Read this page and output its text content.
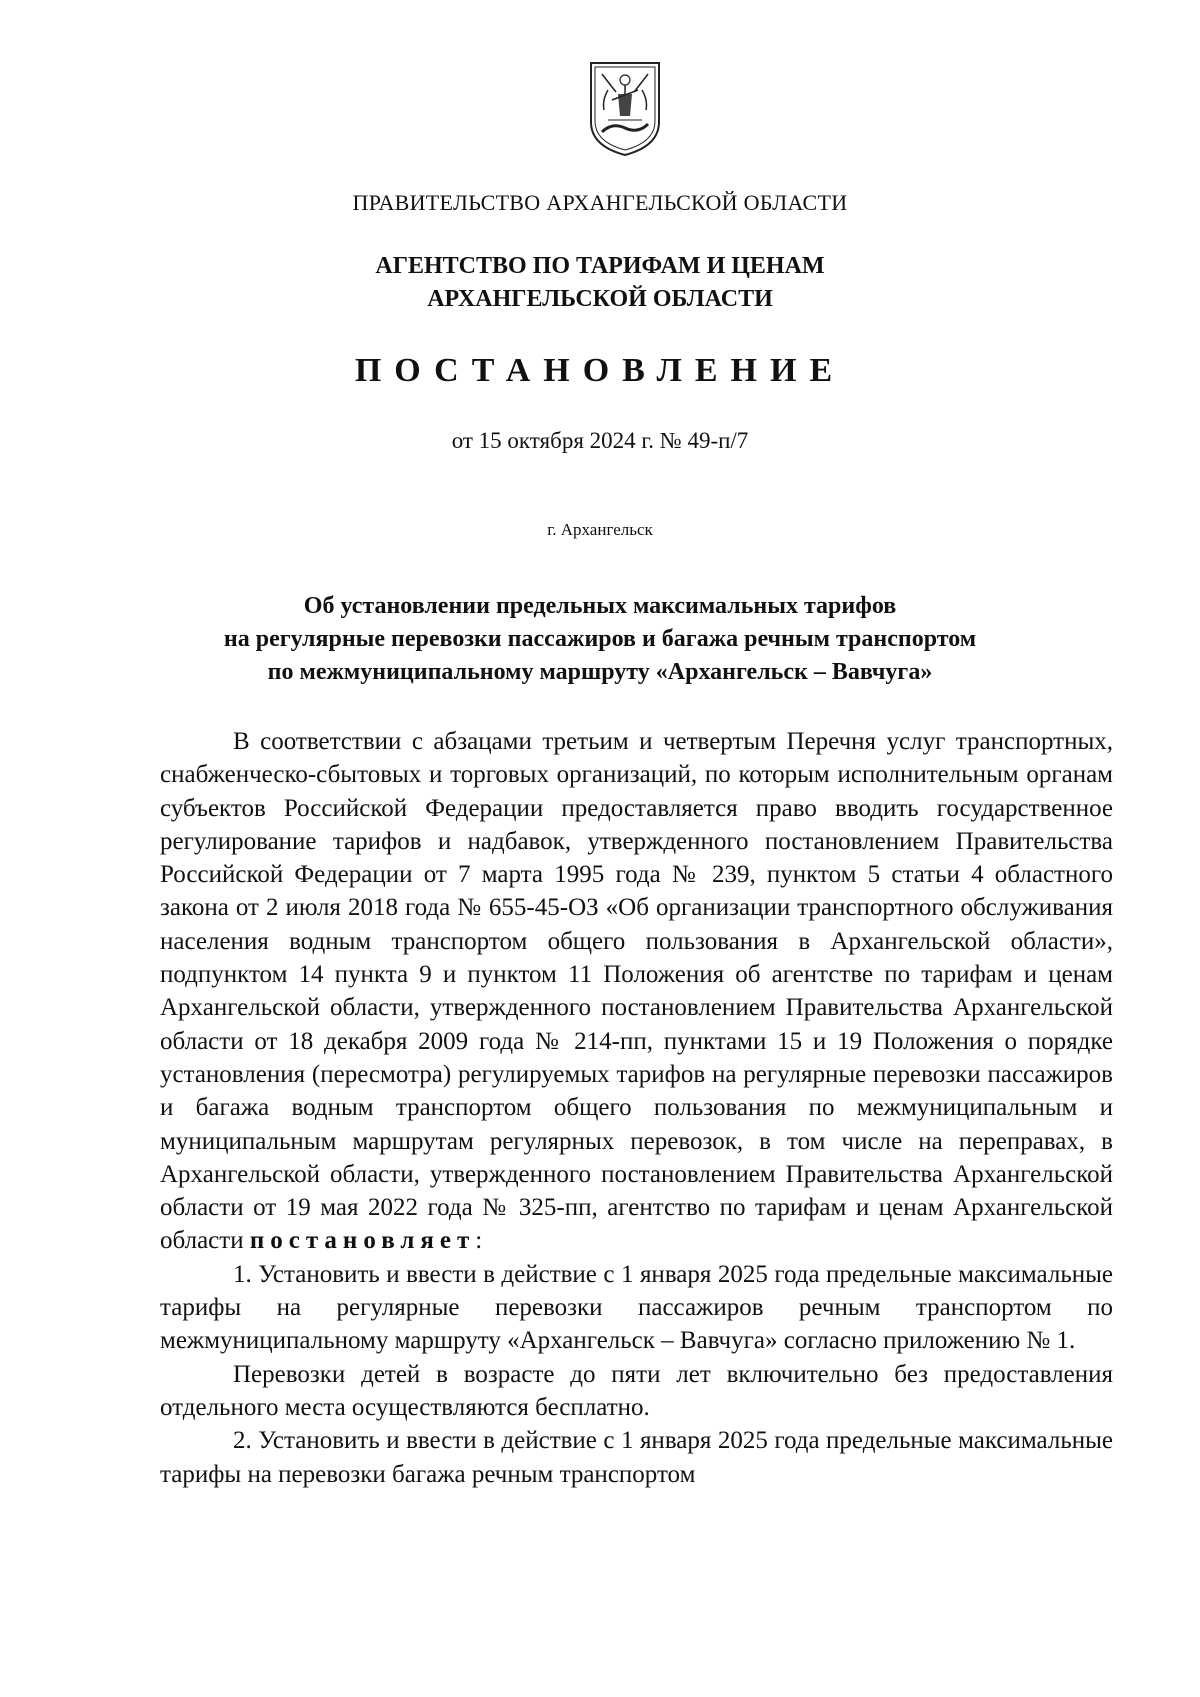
ПРАВИТЕЛЬСТВО АРХАНГЕЛЬСКОЙ ОБЛАСТИ
АГЕНТСТВО ПО ТАРИФАМ И ЦЕНАМ
АРХАНГЕЛЬСКОЙ ОБЛАСТИ
ПОСТАНОВЛЕНИЕ
от 15 октября 2024 г. № 49-п/7
г. Архангельск
Об установлении предельных максимальных тарифов
на регулярные перевозки пассажиров и багажа речным транспортом
по межмуниципальному маршруту «Архангельск – Вавчуга»

В соответствии с абзацами третьим и четвертым Перечня услуг транспортных, снабженческо-сбытовых и торговых организаций, по которым исполнительным органам субъектов Российской Федерации предоставляется право вводить государственное регулирование тарифов и надбавок, утвержденного постановлением Правительства Российской Федерации от 7 марта 1995 года № 239, пунктом 5 статьи 4 областного закона от 2 июля 2018 года № 655-45-ОЗ «Об организации транспортного обслуживания населения водным транспортом общего пользования в Архангельской области», подпунктом 14 пункта 9 и пунктом 11 Положения об агентстве по тарифам и ценам Архангельской области, утвержденного постановлением Правительства Архангельской области от 18 декабря 2009 года № 214-пп, пунктами 15 и 19 Положения о порядке установления (пересмотра) регулируемых тарифов на регулярные перевозки пассажиров и багажа водным транспортом общего пользования по межмуниципальным и муниципальным маршрутам регулярных перевозок, в том числе на переправах, в Архангельской области, утвержденного постановлением Правительства Архангельской области от 19 мая 2022 года № 325-пп, агентство по тарифам и ценам Архангельской области постановляет:

1. Установить и ввести в действие с 1 января 2025 года предельные максимальные тарифы на регулярные перевозки пассажиров речным транспортом по межмуниципальному маршруту «Архангельск – Вавчуга» согласно приложению № 1.

Перевозки детей в возрасте до пяти лет включительно без предоставления отдельного места осуществляются бесплатно.

2. Установить и ввести в действие с 1 января 2025 года предельные максимальные тарифы на перевозки багажа речным транспортом
